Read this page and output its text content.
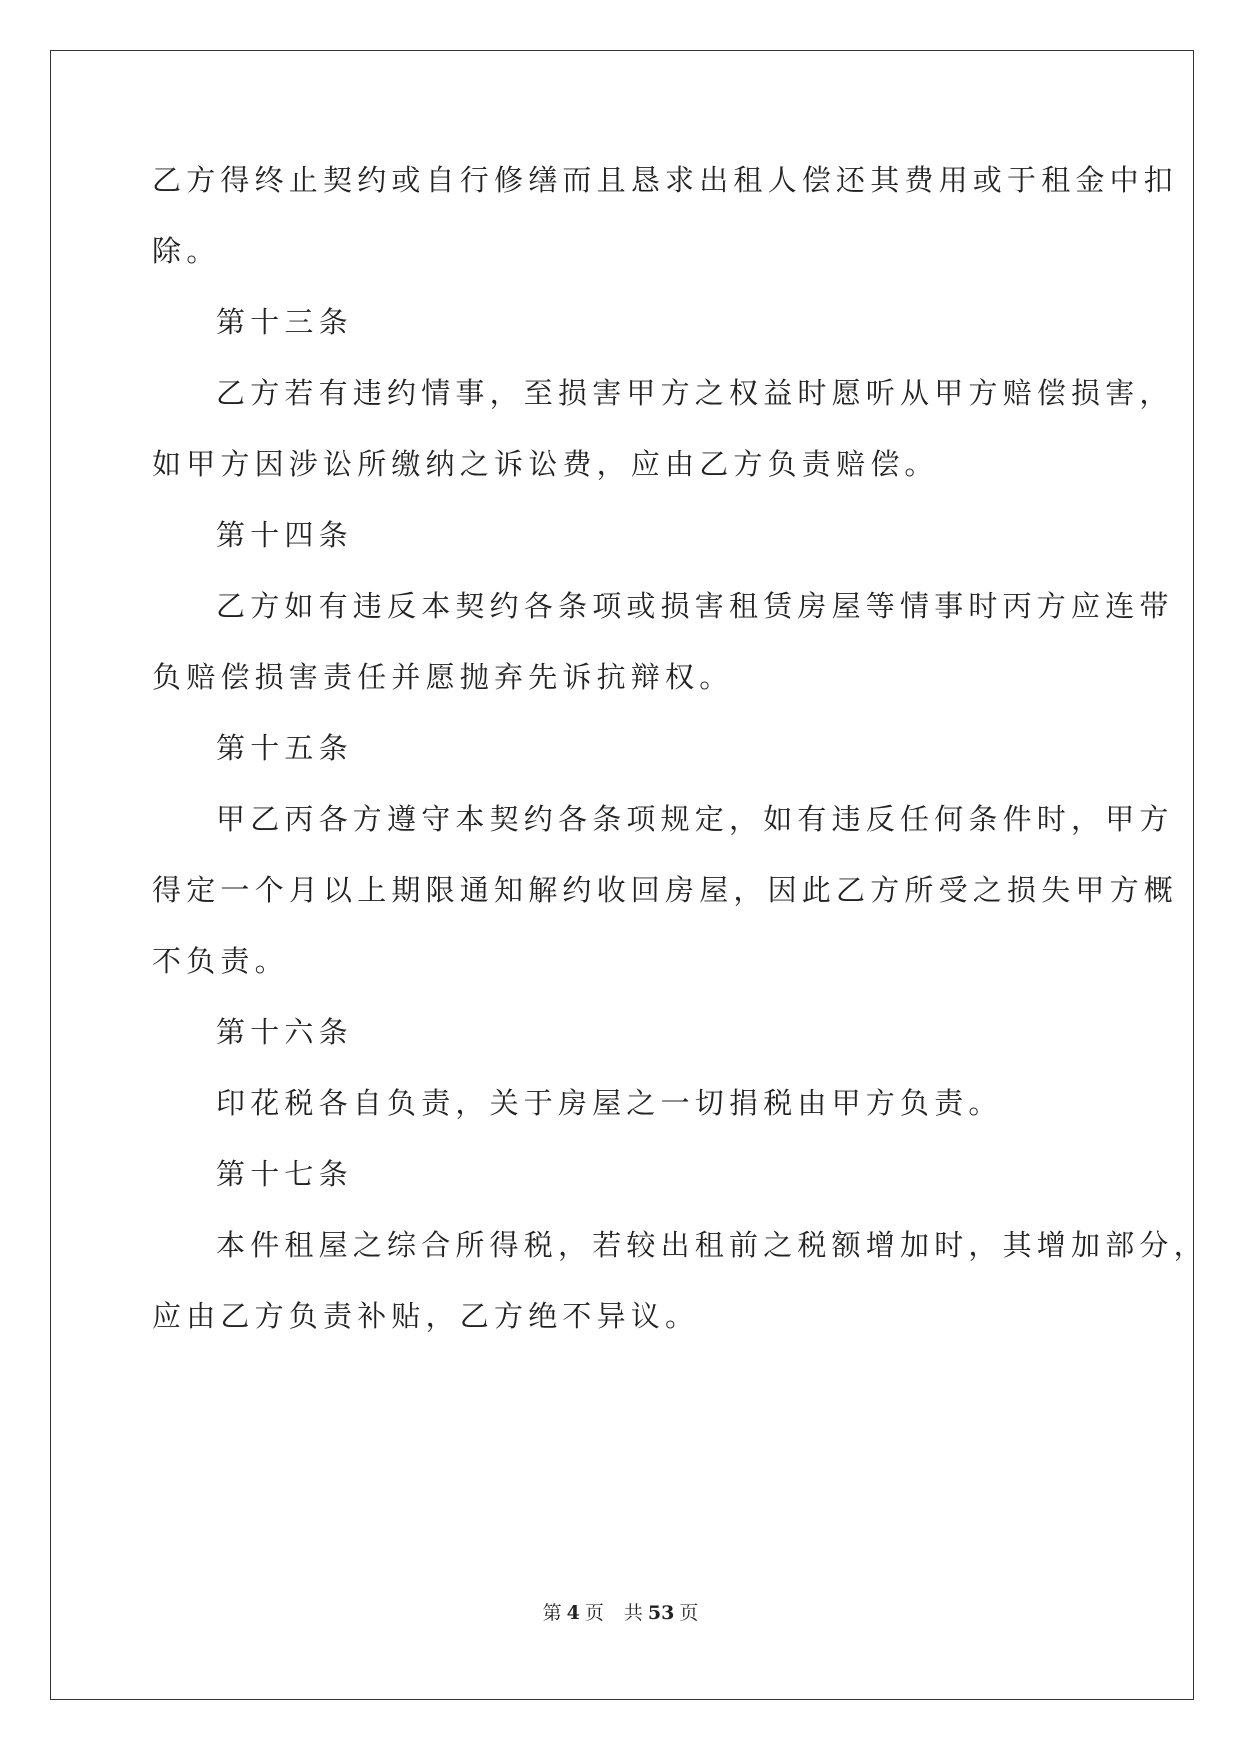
乙方得终止契约或自行修缮而且恳求出租人偿还其费用或于租金中扣
除。
第十三条
乙方若有违约情事，至损害甲方之权益时愿听从甲方赔偿损害，
如甲方因涉讼所缴纳之诉讼费，应由乙方负责赔偿。
第十四条
乙方如有违反本契约各条项或损害租赁房屋等情事时丙方应连带
负赔偿损害责任并愿抛弃先诉抗辩权。
第十五条
甲乙丙各方遵守本契约各条项规定，如有违反任何条件时，甲方
得定一个月以上期限通知解约收回房屋，因此乙方所受之损失甲方概
不负责。
第十六条
印花税各自负责，关于房屋之一切捐税由甲方负责。
第十七条
本件租屋之综合所得税，若较出租前之税额增加时，其增加部分，
应由乙方负责补贴，乙方绝不异议。
第 4 页 共 53 页
